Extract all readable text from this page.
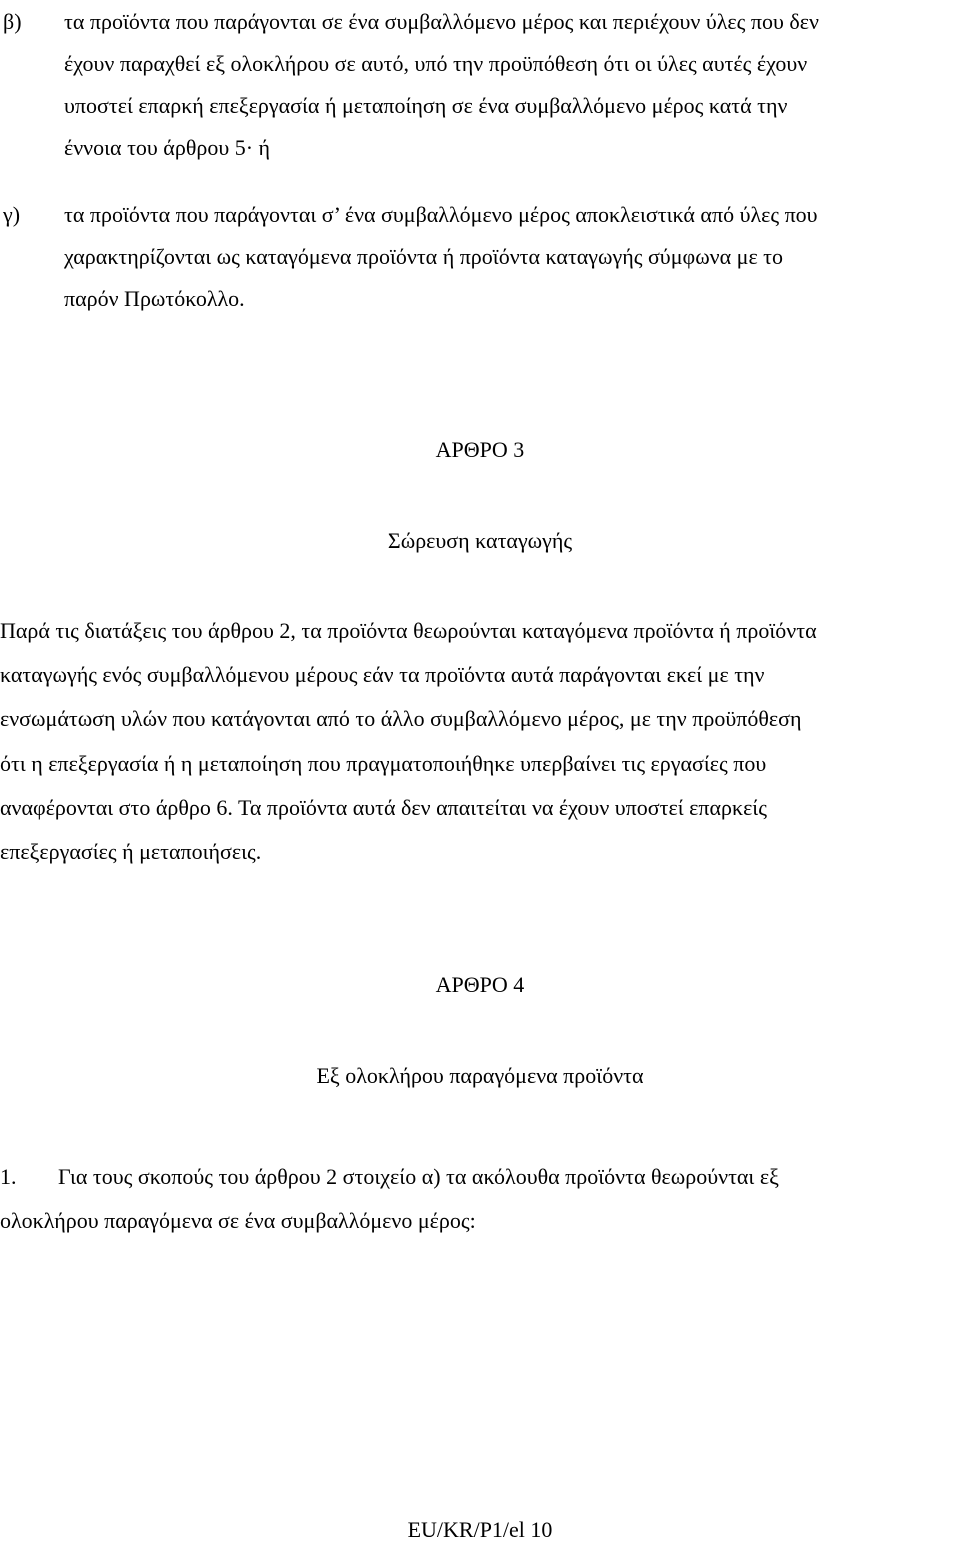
β) τα προϊόντα που παράγονται σε ένα συμβαλλόμενο μέρος και περιέχουν ύλες που δεν
έχουν παραχθεί εξ ολοκλήρου σε αυτό, υπό την προϋπόθεση ότι οι ύλες αυτές έχουν
υποστεί επαρκή επεξεργασία ή μεταποίηση σε ένα συμβαλλόμενο μέρος κατά την
έννοια του άρθρου 5· ή
γ) τα προϊόντα που παράγονται σ’ ένα συμβαλλόμενο μέρος αποκλειστικά από ύλες που
χαρακτηρίζονται ως καταγόμενα προϊόντα ή προϊόντα καταγωγής σύμφωνα με το
παρόν Πρωτόκολλο.
ΑΡΘΡΟ 3
Σώρευση καταγωγής
Παρά τις διατάξεις του άρθρου 2, τα προϊόντα θεωρούνται καταγόμενα προϊόντα ή προϊόντα
καταγωγής ενός συμβαλλόμενου μέρους εάν τα προϊόντα αυτά παράγονται εκεί με την
ενσωμάτωση υλών που κατάγονται από το άλλο συμβαλλόμενο μέρος, με την προϋπόθεση
ότι η επεξεργασία ή η μεταποίηση που πραγματοποιήθηκε υπερβαίνει τις εργασίες που
αναφέρονται στο άρθρο 6. Τα προϊόντα αυτά δεν απαιτείται να έχουν υποστεί επαρκείς
επεξεργασίες ή μεταποιήσεις.
ΑΡΘΡΟ 4
Εξ ολοκλήρου παραγόμενα προϊόντα
1. Για τους σκοπούς του άρθρου 2 στοιχείο α) τα ακόλουθα προϊόντα θεωρούνται εξ
ολοκλήρου παραγόμενα σε ένα συμβαλλόμενο μέρος:
EU/KR/P1/el 10
